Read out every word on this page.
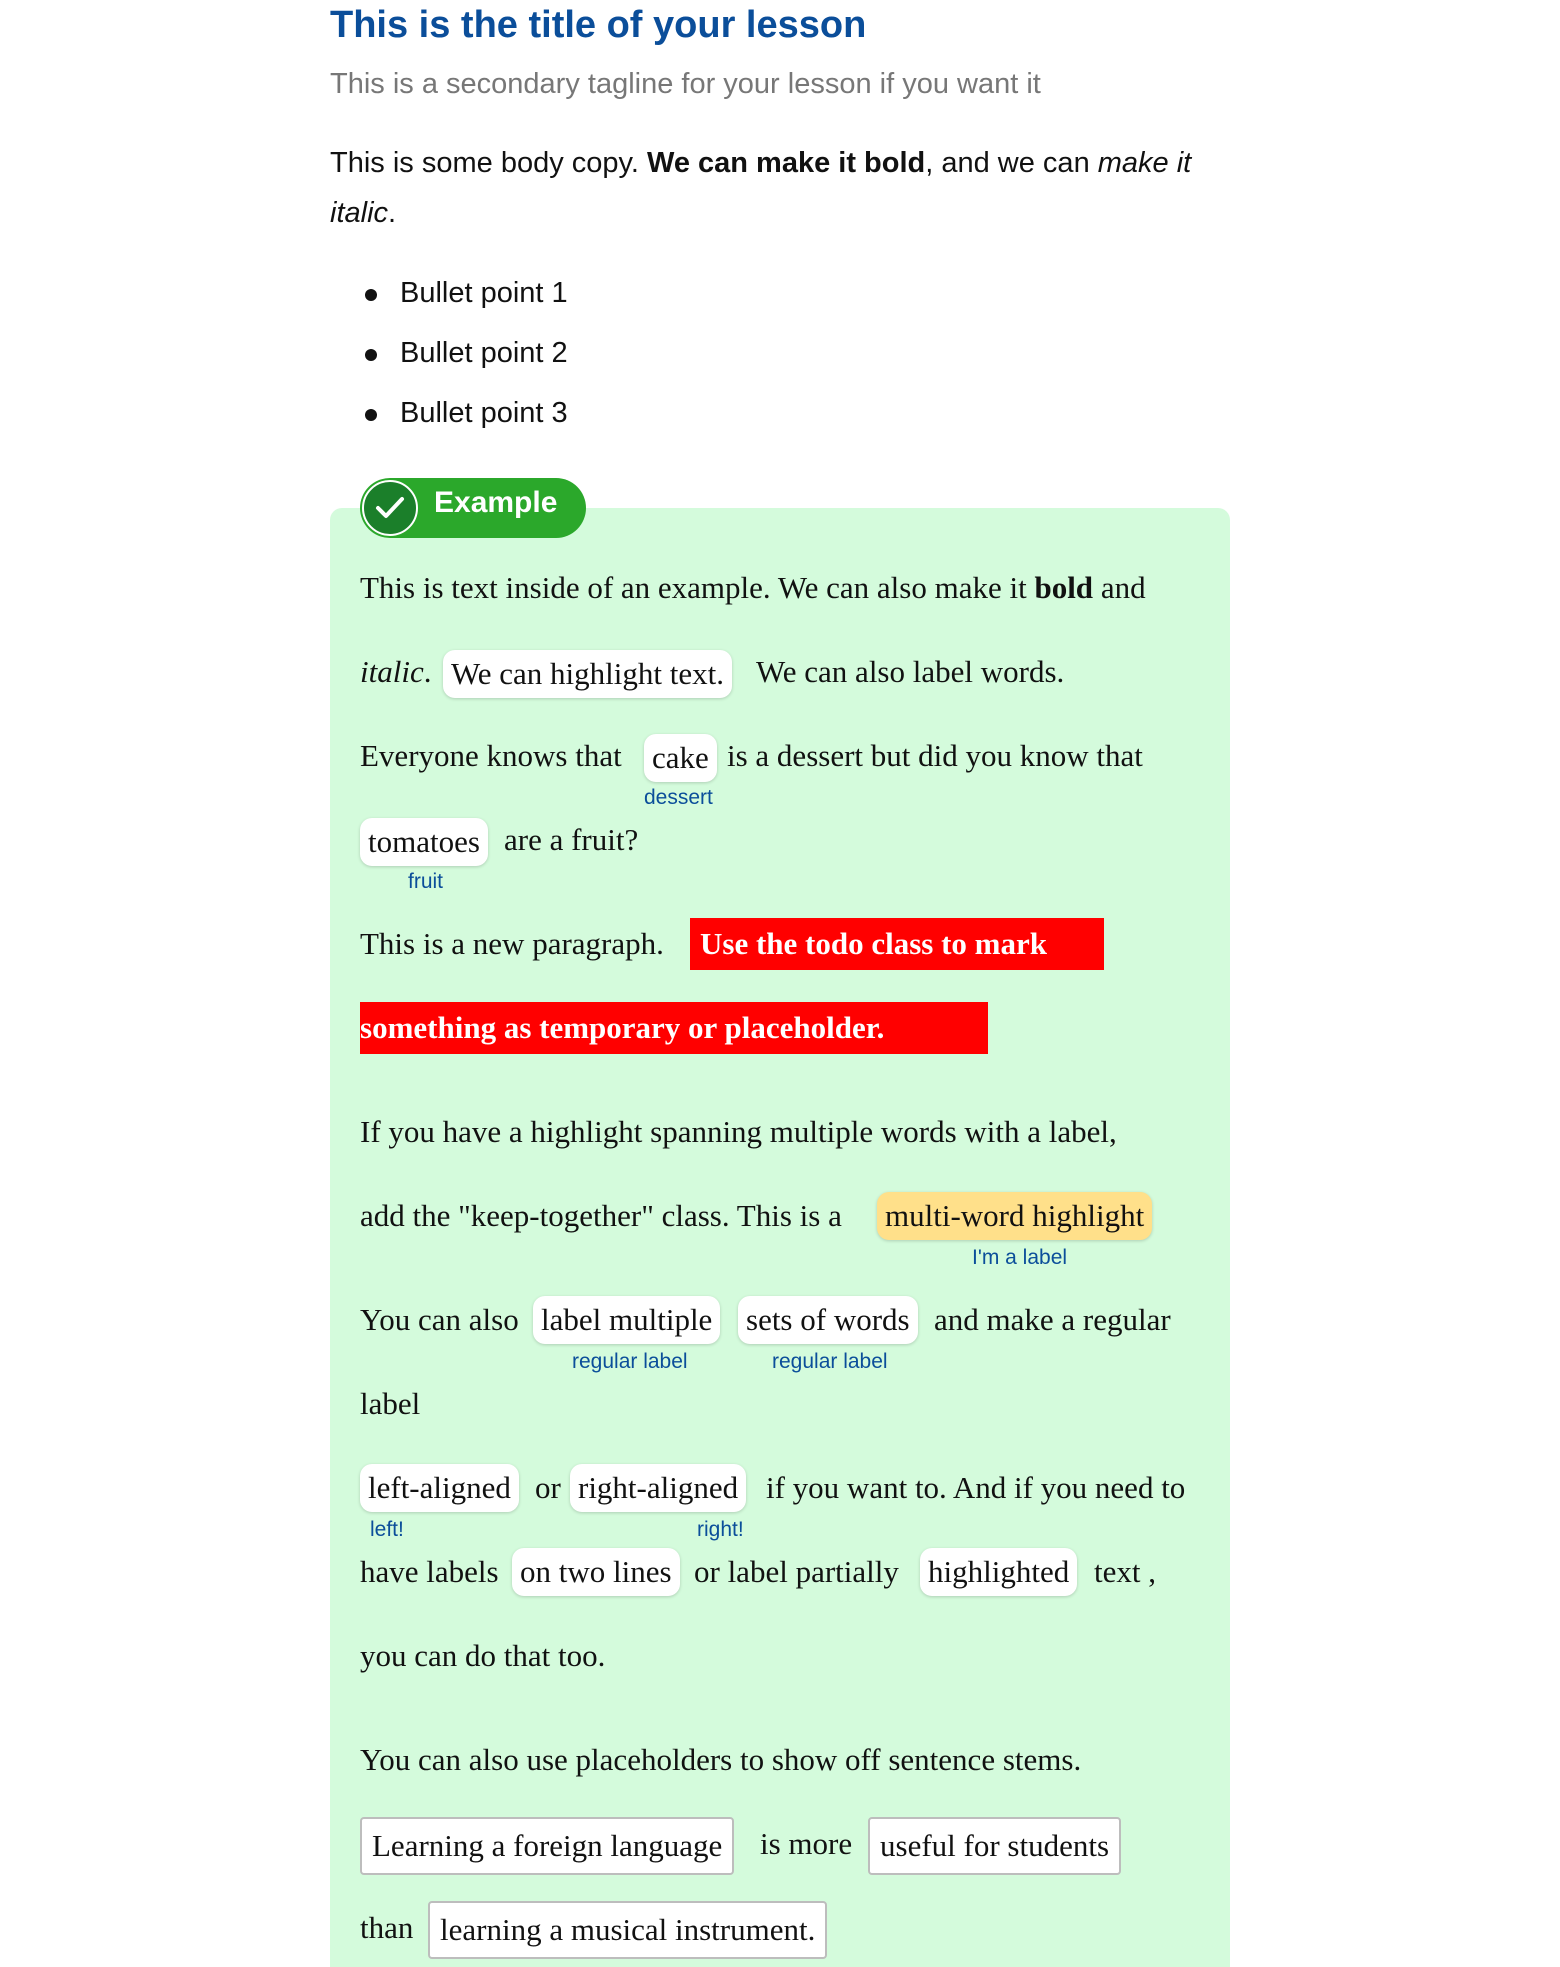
This is the title of your lesson
This is a secondary tagline for your lesson if you want it
This is some body copy. We can make it bold, and we can make it italic.
Bullet point 1
Bullet point 2
Bullet point 3
Example
This is text inside of an example. We can also make it bold and
italic. We can highlight text. We can also label words.
Everyone knows that cake
dessert
is a dessert but did you know that
tomatoes
fruit
are a fruit?
This is a new paragraph.	Use the todo class to mark
something as temporary or placeholder.
If you have a highlight spanning multiple words with a label,
add the "keep-together" class. This is a multi-word highlight
I'm a label
You can also label multiple
regular label
sets of words
regular label
and make a regular
label
left-aligned
left!
or right-aligned
right!
if you want to. And if you need to
have labels on two lines or label partially highlighted text ,
you can do that too.
You can also use placeholders to show off sentence stems.
Learning a foreign language	is more useful for students
than learning a musical instrument.
